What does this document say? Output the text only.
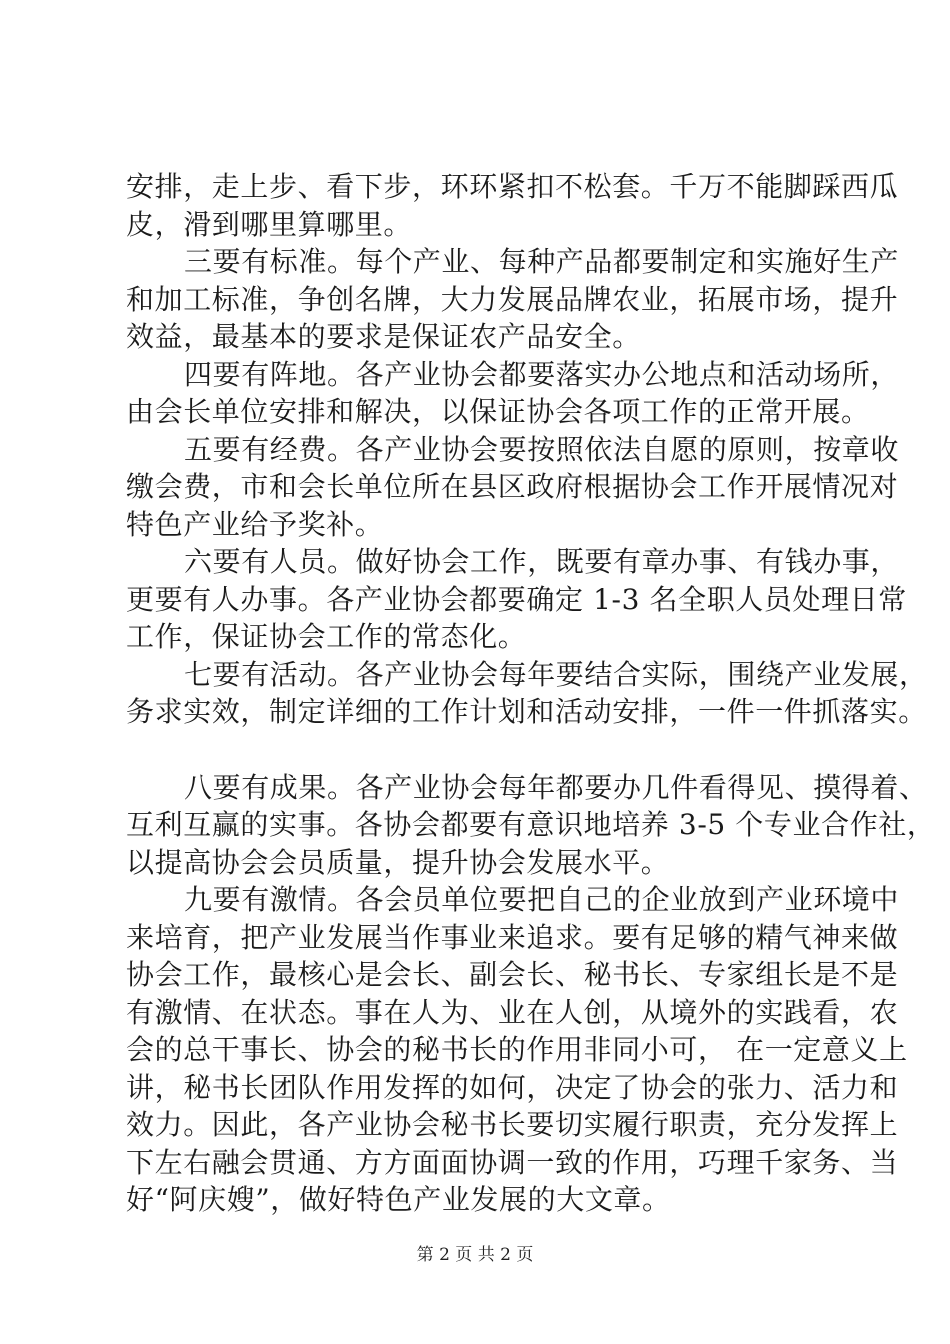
安排，走上步、看下步，环环紧扣不松套。千万不能脚踩西瓜
皮，滑到哪里算哪里。
三要有标准。每个产业、每种产品都要制定和实施好生产
和加工标准，争创名牌，大力发展品牌农业，拓展市场，提升
效益，最基本的要求是保证农产品安全。
四要有阵地。各产业协会都要落实办公地点和活动场所，
由会长单位安排和解决，以保证协会各项工作的正常开展。
五要有经费。各产业协会要按照依法自愿的原则，按章收
缴会费，市和会长单位所在县区政府根据协会工作开展情况对
特色产业给予奖补。
六要有人员。做好协会工作，既要有章办事、有钱办事，
更要有人办事。各产业协会都要确定 1-3 名全职人员处理日常
工作，保证协会工作的常态化。
七要有活动。各产业协会每年要结合实际，围绕产业发展，
务求实效，制定详细的工作计划和活动安排，一件一件抓落实。
八要有成果。各产业协会每年都要办几件看得见、摸得着、
互利互赢的实事。各协会都要有意识地培养 3-5 个专业合作社，
以提高协会会员质量，提升协会发展水平。
九要有激情。各会员单位要把自己的企业放到产业环境中
来培育，把产业发展当作事业来追求。要有足够的精气神来做
协会工作，最核心是会长、副会长、秘书长、专家组长是不是
有激情、在状态。事在人为、业在人创，从境外的实践看，农
会的总干事长、协会的秘书长的作用非同小可， 在一定意义上
讲，秘书长团队作用发挥的如何，决定了协会的张力、活力和
效力。因此，各产业协会秘书长要切实履行职责，充分发挥上
下左右融会贯通、方方面面协调一致的作用，巧理千家务、当
好“阿庆嫂”，做好特色产业发展的大文章。
第 2 页 共 2 页
